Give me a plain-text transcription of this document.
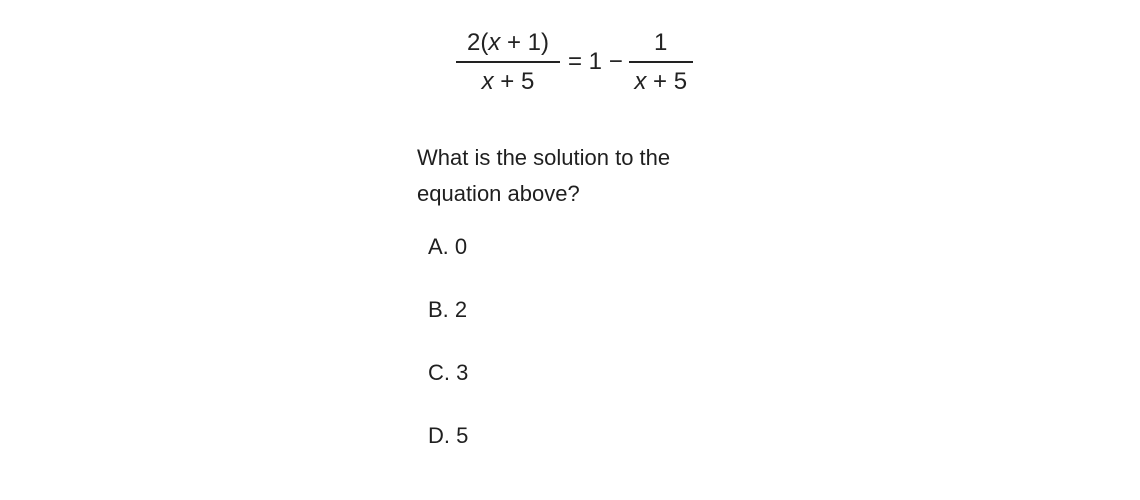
$\frac{2(x + 1)}{x + 5} = 1 - \frac{1}{x + 5}$

What is the solution to the
equation above?

A. 0
B. 2
C. 3
D. 5
